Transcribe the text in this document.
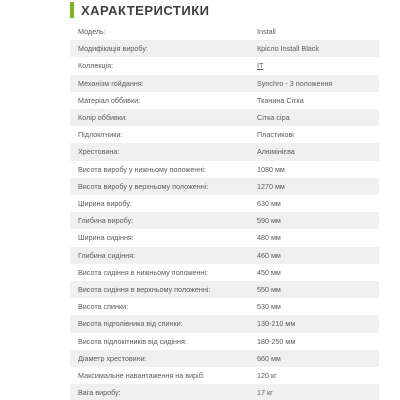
ХАРАКТЕРИСТИКИ
Модель:	Install
Модифікація виробу:	Крісло Install Black
Коллекція:	IT
Механізм гойдання:	Synchro - 3 положення
Матеріал оббивки:	Тканина Сітка
Колір оббивки:	Сітка сіра
Підлокітники:	Пластикові
Хрестовина:	Алюмінієва
Висота виробу у нижньому положенні:	1080 мм
Висота виробу у верхньому положенні:	1270 мм
Ширина виробу:	630 мм
Глибина виробу:	590 мм
Ширина сидіння:	480 мм
Глибина сидіння:	460 мм
Висота сидіння в нижньому положенні:	450 мм
Висота сидіння в верхньому положенні:	550 мм
Висота спинки:	530 мм
Висота підголівника від спинки:	130-210 мм
Висота підлокітників від сидіння:	180-250 мм
Діаметр хрестовини:	660 мм
Максимальне навантаження на виріб:	120 кг
Вага виробу:	17 кг
